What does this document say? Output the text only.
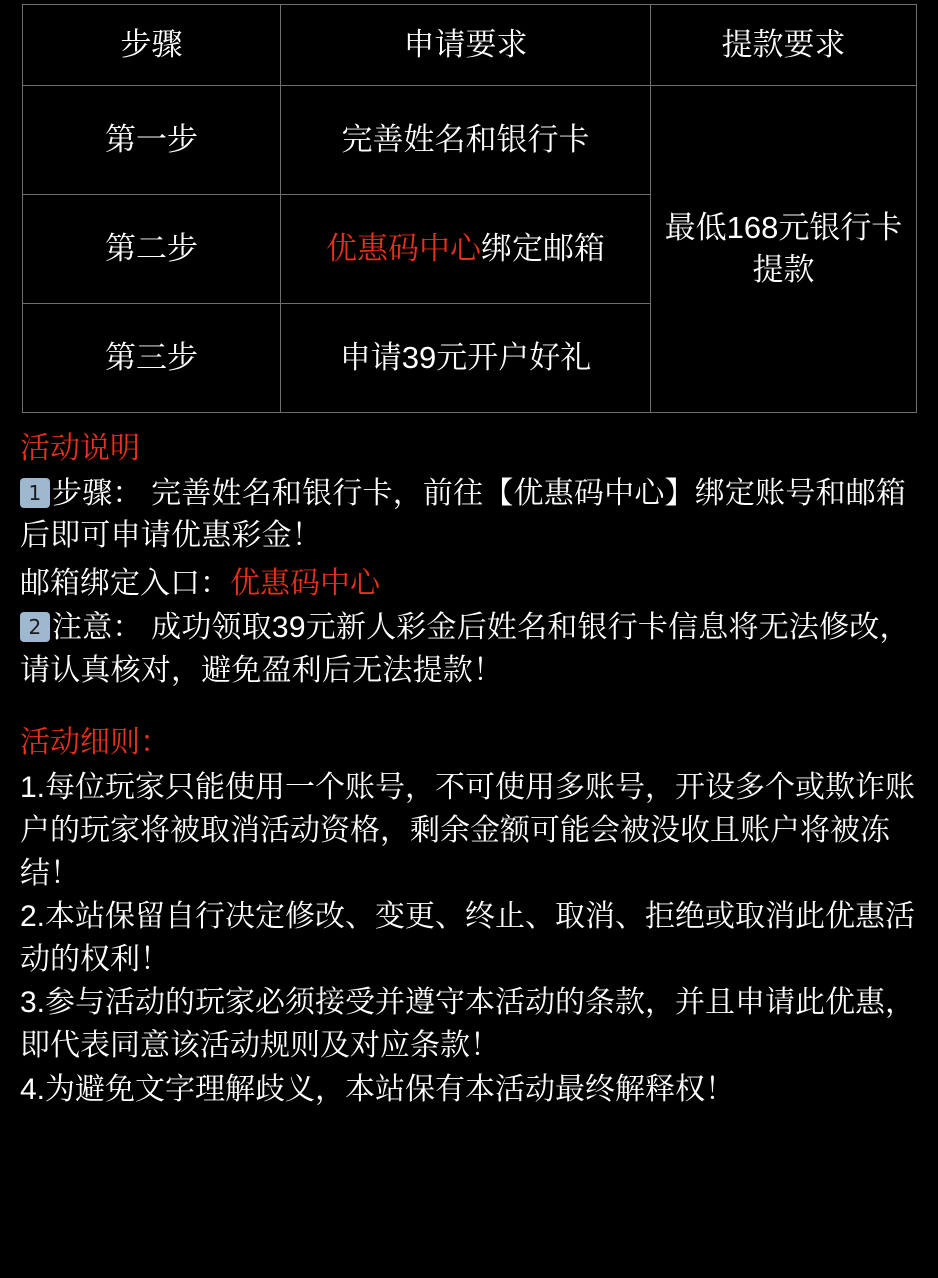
步骤	申请要求	提款要求
第一步	完善姓名和银行卡	最低168元银行卡提款
第二步	优惠码中心绑定邮箱	
第三步	申请39元开户好礼	
活动说明

1 步骤： 完善姓名和银行卡，前往【优惠码中心】绑定账号和邮箱后即可申请优惠彩金！

邮箱绑定入口：优惠码中心

2 注意： 成功领取39元新人彩金后姓名和银行卡信息将无法修改，请认真核对，避免盈利后无法提款！

活动细则：

1.每位玩家只能使用一个账号，不可使用多账号，开设多个或欺诈账户的玩家将被取消活动资格，剩余金额可能会被没收且账户将被冻结！

2.本站保留自行决定修改、变更、终止、取消、拒绝或取消此优惠活动的权利！

3.参与活动的玩家必须接受并遵守本活动的条款，并且申请此优惠，即代表同意该活动规则及对应条款！

4.为避免文字理解歧义，本站保有本活动最终解释权！
